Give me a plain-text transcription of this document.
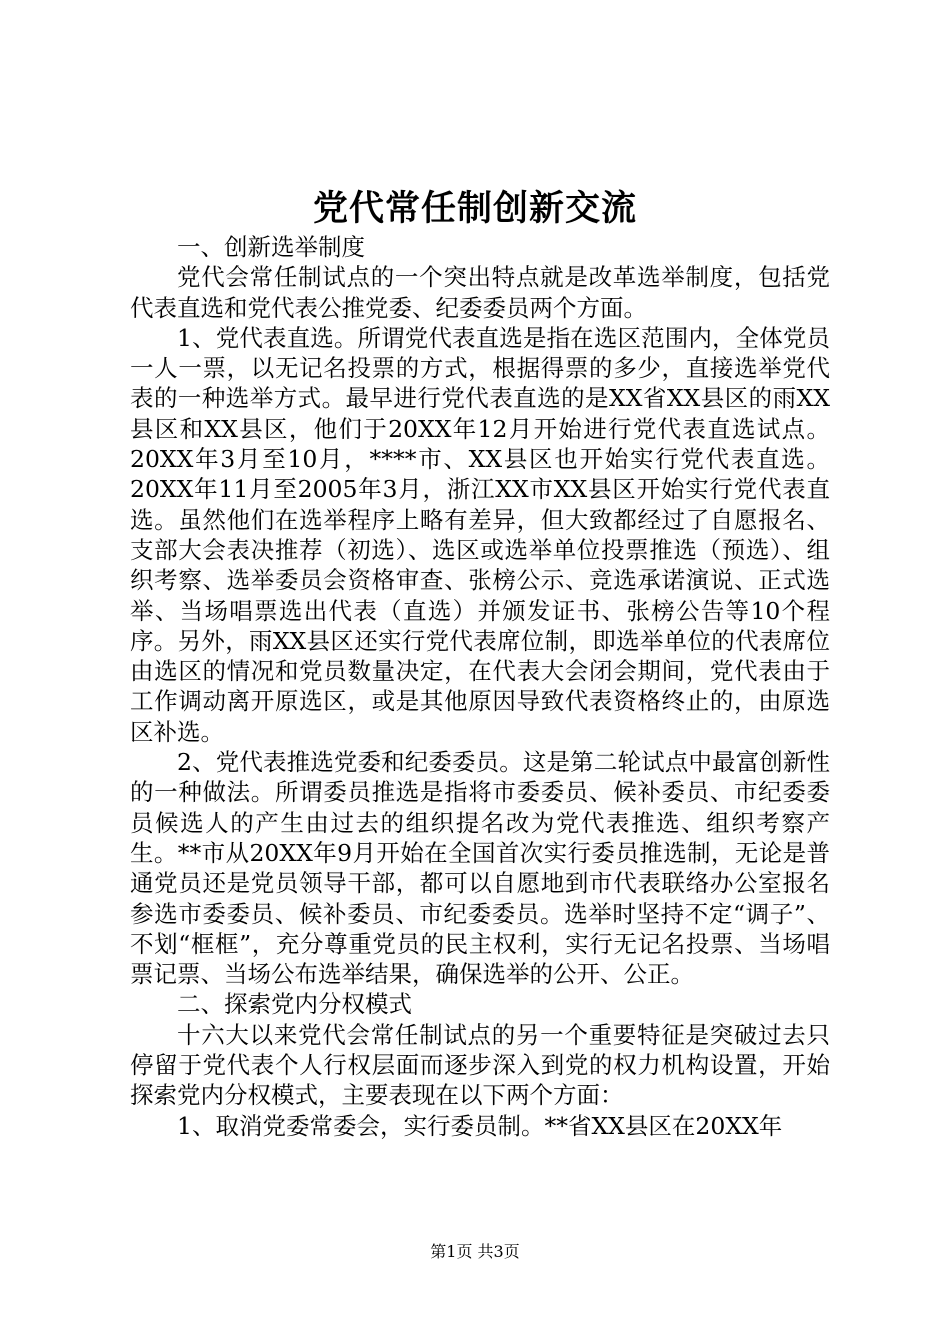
党代常任制创新交流

一、创新选举制度

党代会常任制试点的一个突出特点就是改革选举制度，包括党代表直选和党代表公推党委、纪委委员两个方面。

1、党代表直选。所谓党代表直选是指在选区范围内，全体党员一人一票，以无记名投票的方式，根据得票的多少，直接选举党代表的一种选举方式。最早进行党代表直选的是XX省XX县区的雨XX县区和XX县区，他们于20XX年12月开始进行党代表直选试点。20XX年3月至10月，****市、XX县区也开始实行党代表直选。20XX年11月至2005年3月，浙江XX市XX县区开始实行党代表直选。虽然他们在选举程序上略有差异，但大致都经过了自愿报名、支部大会表决推荐（初选）、选区或选举单位投票推选（预选）、组织考察、选举委员会资格审查、张榜公示、竞选承诺演说、正式选举、当场唱票选出代表（直选）并颁发证书、张榜公告等10个程序。另外，雨XX县区还实行党代表席位制，即选举单位的代表席位由选区的情况和党员数量决定，在代表大会闭会期间，党代表由于工作调动离开原选区，或是其他原因导致代表资格终止的，由原选区补选。

2、党代表推选党委和纪委委员。这是第二轮试点中最富创新性的一种做法。所谓委员推选是指将市委委员、候补委员、市纪委委员候选人的产生由过去的组织提名改为党代表推选、组织考察产生。**市从20XX年9月开始在全国首次实行委员推选制，无论是普通党员还是党员领导干部，都可以自愿地到市代表联络办公室报名参选市委委员、候补委员、市纪委委员。选举时坚持不定“调子”、不划“框框”，充分尊重党员的民主权利，实行无记名投票、当场唱票记票、当场公布选举结果，确保选举的公开、公正。

二、探索党内分权模式

十六大以来党代会常任制试点的另一个重要特征是突破过去只停留于党代表个人行权层面而逐步深入到党的权力机构设置，开始探索党内分权模式，主要表现在以下两个方面：

1、取消党委常委会，实行委员制。**省XX县区在20XX年

第1页 共3页
